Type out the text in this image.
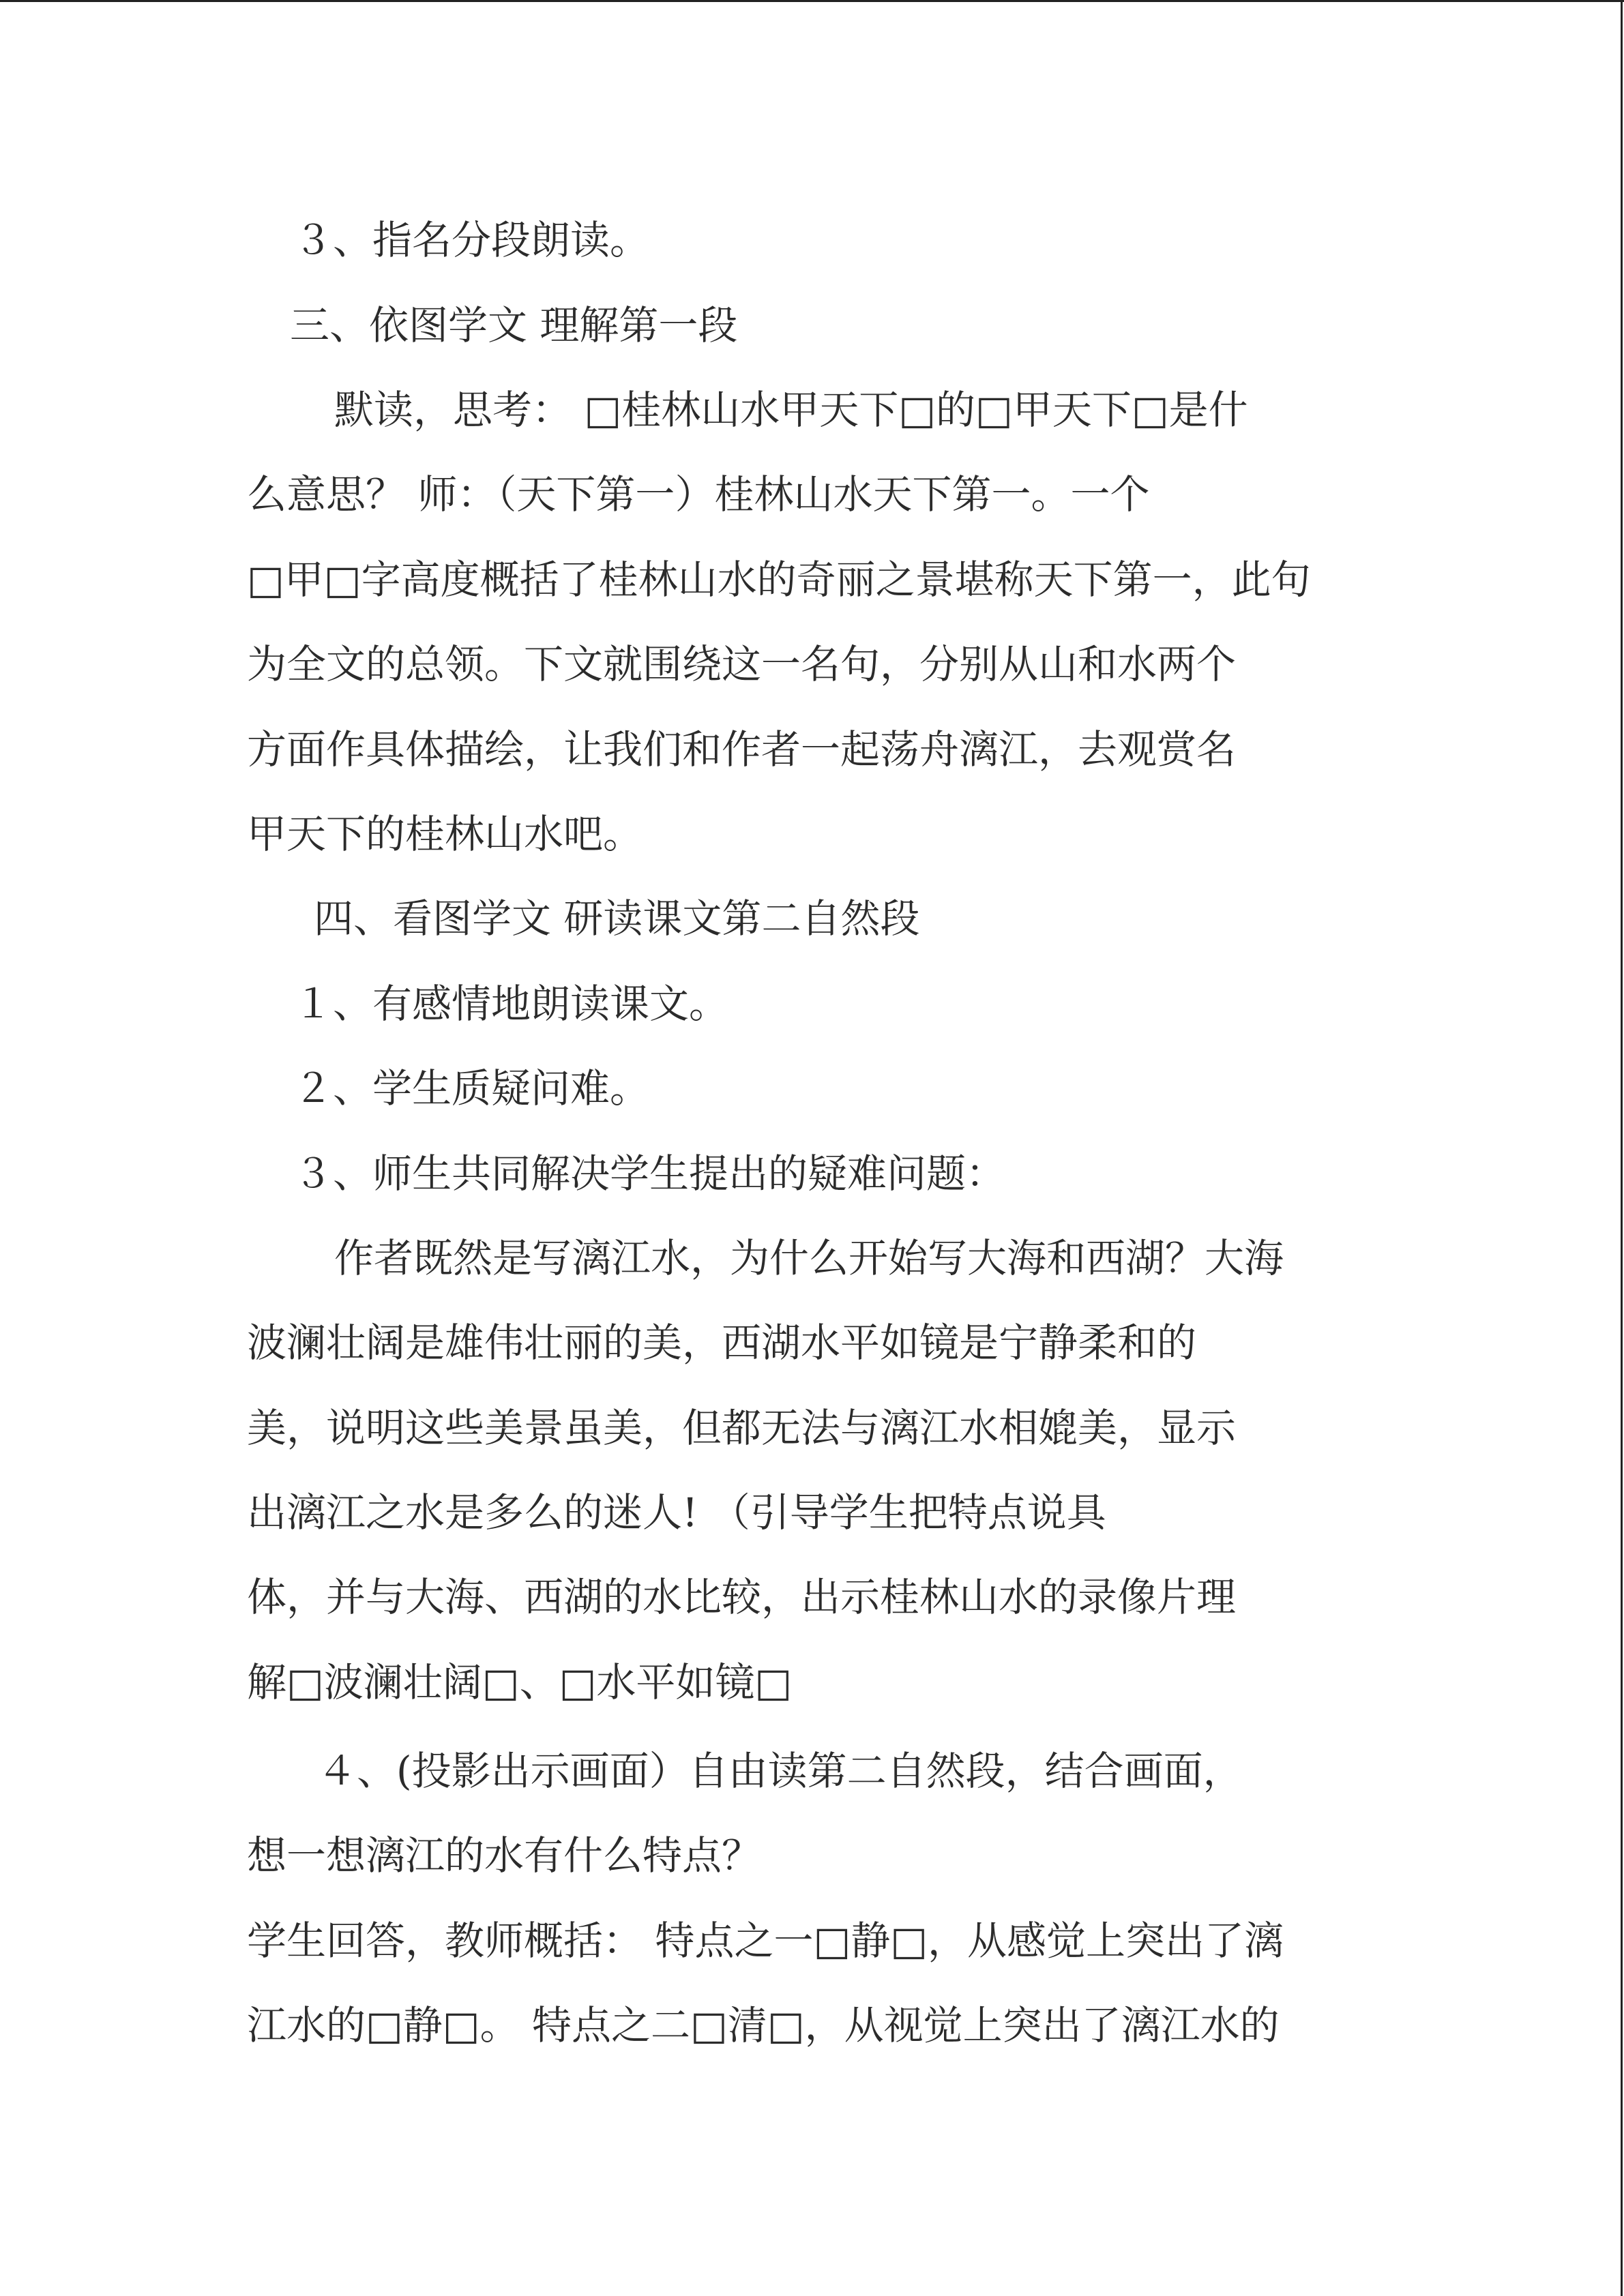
３、指名分段朗读。
三、依图学文 理解第一段
默读，思考： □桂林山水甲天下□的□甲天下□是什
么意思？ 师：（天下第一）桂林山水天下第一。一个
□甲□字高度概括了桂林山水的奇丽之景堪称天下第一，此句
为全文的总领。下文就围绕这一名句，分别从山和水两个
方面作具体描绘，让我们和作者一起荡舟漓江，去观赏名
甲天下的桂林山水吧。
四、看图学文 研读课文第二自然段
１、有感情地朗读课文。
２、学生质疑问难。
３、师生共同解决学生提出的疑难问题：
作者既然是写漓江水，为什么开始写大海和西湖？大海
波澜壮阔是雄伟壮丽的美，西湖水平如镜是宁静柔和的
美，说明这些美景虽美，但都无法与漓江水相媲美，显示
出漓江之水是多么的迷人! （引导学生把特点说具
体，并与大海、西湖的水比较，出示桂林山水的录像片理
解□波澜壮阔□、□水平如镜□
４、(投影出示画面）自由读第二自然段，结合画面，
想一想漓江的水有什么特点？
学生回答，教师概括： 特点之一□静□，从感觉上突出了漓
江水的□静□。 特点之二□清□，从视觉上突出了漓江水的
